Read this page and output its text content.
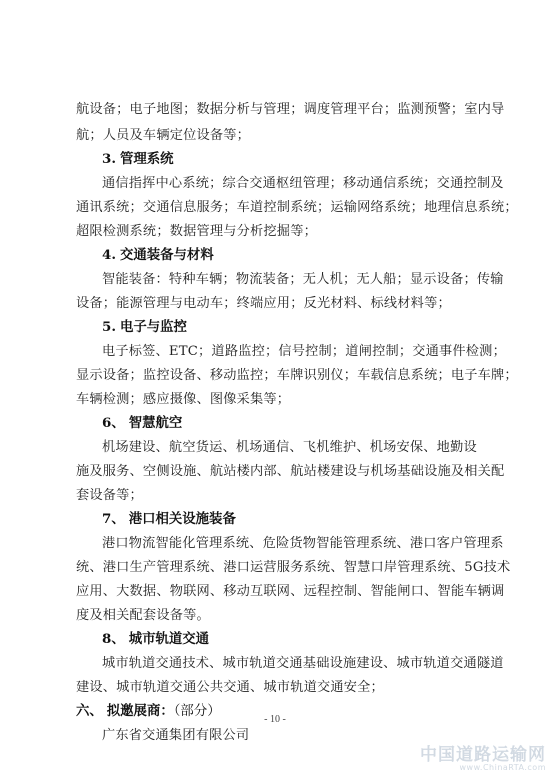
航设备；电子地图；数据分析与管理；调度管理平台；监测预警；室内导
航；人员及车辆定位设备等；
3. 管理系统
通信指挥中心系统；综合交通枢纽管理；移动通信系统；交通控制及
通讯系统；交通信息服务；车道控制系统；运输网络系统；地理信息系统；
超限检测系统；数据管理与分析挖掘等；
4. 交通装备与材料
智能装备：特种车辆；物流装备；无人机；无人船；显示设备；传输
设备；能源管理与电动车；终端应用；反光材料、标线材料等；
5. 电子与监控
电子标签、ETC；道路监控；信号控制；道闸控制；交通事件检测；
显示设备；监控设备、移动监控；车牌识别仪；车载信息系统；电子车牌；
车辆检测；感应摄像、图像采集等；
6、 智慧航空
机场建设、航空货运、机场通信、飞机维护、机场安保、地勤设
施及服务、空侧设施、航站楼内部、航站楼建设与机场基础设施及相关配
套设备等；
7、 港口相关设施装备
港口物流智能化管理系统、危险货物智能管理系统、港口客户管理系
统、港口生产管理系统、港口运营服务系统、智慧口岸管理系统、5G技术
应用、大数据、物联网、移动互联网、远程控制、智能闸口、智能车辆调
度及相关配套设备等。
8、 城市轨道交通
城市轨道交通技术、城市轨道交通基础设施建设、城市轨道交通隧道
建设、城市轨道交通公共交通、城市轨道交通安全；
六、 拟邀展商：（部分）
广东省交通集团有限公司
- 10 -
中国道路运输网
www.ChinaRTA.com
